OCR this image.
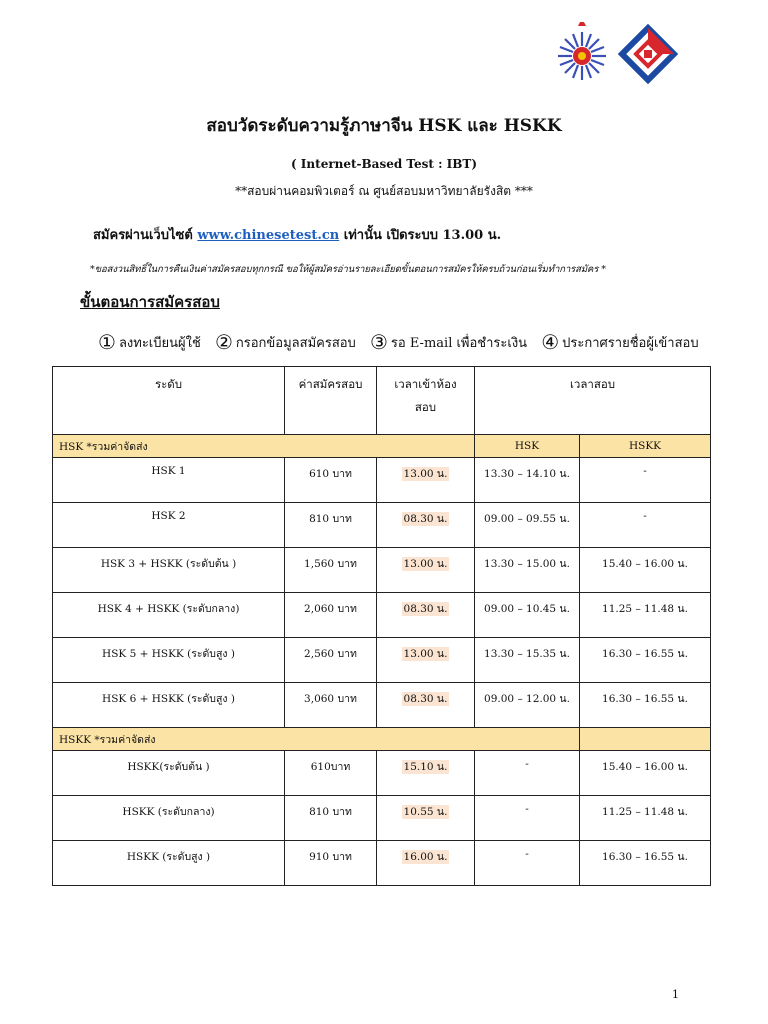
สอบวัดระดับความรู้ภาษาจีน HSK และ HSKK
( Internet-Based Test : IBT)
**สอบผ่านคอมพิวเตอร์ ณ ศูนย์สอบมหาวิทยาลัยรังสิต ***
สมัครผ่านเว็บไซต์ www.chinesetest.cn เท่านั้น เปิดระบบ 13.00 น.
*ขอสงวนสิทธิ์ในการคืนเงินค่าสมัครสอบทุกกรณี ขอให้ผู้สมัครอ่านรายละเอียดขั้นตอนการสมัครให้ครบถ้วนก่อนเริ่มทำการสมัคร *
ขั้นตอนการสมัครสอบ
① ลงทะเบียนผู้ใช้ ② กรอกข้อมูลสมัครสอบ ③ รอ E-mail เพื่อชำระเงิน ④ ประกาศรายชื่อผู้เข้าสอบ
ระดับ	ค่าสมัครสอบ	เวลาเข้าห้อง
สอบ	เวลาสอบ	

HSK *รวมค่าจัดส่ง			HSK	HSKK
HSK 1	610 บาท	13.00 น.	13.30 – 14.10 น.	-
HSK 2	810 บาท	08.30 น.	09.00 – 09.55 น.	-
HSK 3 + HSKK (ระดับต้น )	1,560 บาท	13.00 น.	13.30 – 15.00 น.	15.40 – 16.00 น.
HSK 4 + HSKK (ระดับกลาง)	2,060 บาท	08.30 น.	09.00 – 10.45 น.	11.25 – 11.48 น.
HSK 5 + HSKK (ระดับสูง )	2,560 บาท	13.00 น.	13.30 – 15.35 น.	16.30 – 16.55 น.
HSK 6 + HSKK (ระดับสูง )	3,060 บาท	08.30 น.	09.00 – 12.00 น.	16.30 – 16.55 น.
HSKK *รวมค่าจัดส่ง				
HSKK(ระดับต้น )	610บาท	15.10 น.	-	15.40 – 16.00 น.
HSKK (ระดับกลาง)	810 บาท	10.55 น.	-	11.25 – 11.48 น.
HSKK (ระดับสูง )	910 บาท	16.00 น.	-	16.30 – 16.55 น.
1
